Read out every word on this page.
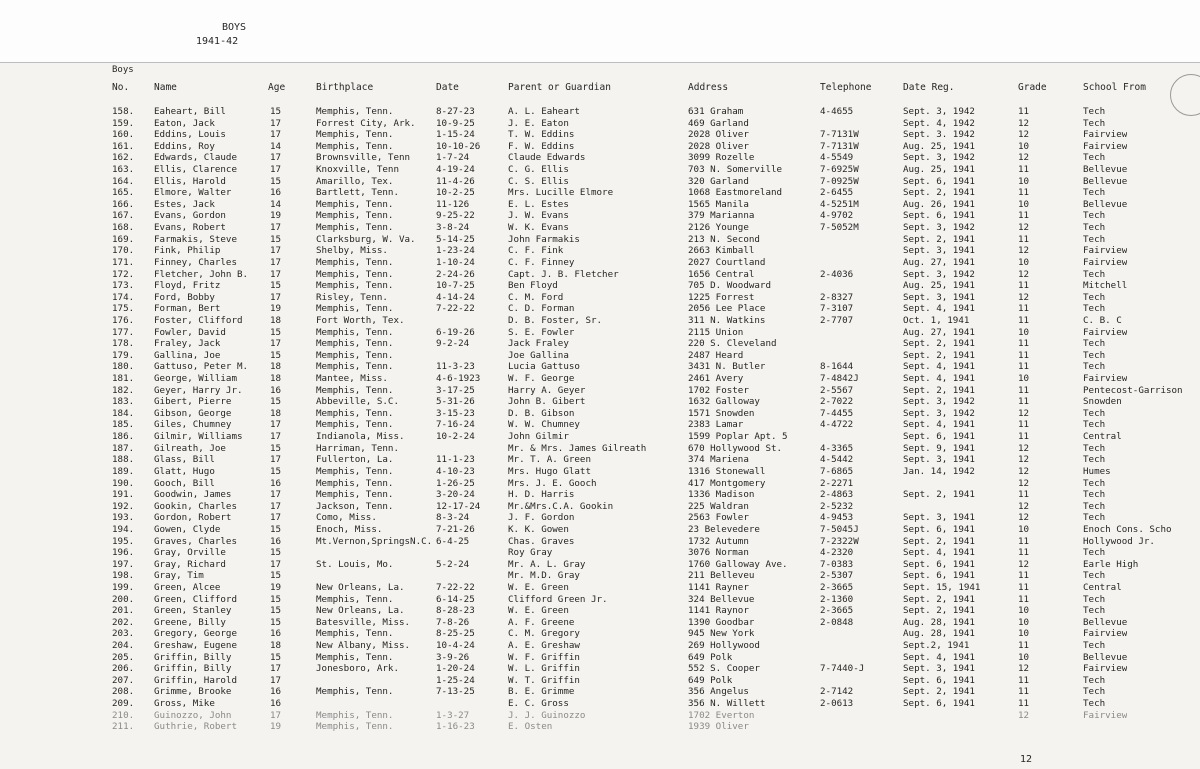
BOYS
1941-42
Boys
No.	Name	Age	Birthplace	Date	Parent or Guardian	Address	Telephone	Date Reg.	Grade	School From
158. Eaheart, Bill	15	Memphis, Tenn.	8-27-23	A. L. Eaheart	631 Graham	4-4655	Sept. 3, 1942	11	Tech
159. Eaton, Jack	17	Forrest City, Ark. 10-9-25	J. E. Eaton	469 Garland	Sept. 4, 1942	12	Tech
160. Eddins, Louis	17	Memphis, Tenn.	1-15-24	T. W. Eddins	2028 Oliver	7-7131W	Sept. 3. 1942	12	Fairview
161. Eddins, Roy	14	Memphis, Tenn.	10-10-26	F. W. Eddins	2028 Oliver	7-7131W	Aug. 25, 1941	10	Fairview
162. Edwards, Claude	17	Brownsville, Tenn	1-7-24	Claude Edwards	3099 Rozelle	4-5549	Sept. 3, 1942	12	Tech
163. Ellis, Clarence	17	Knoxville, Tenn	4-19-24	C. G. Ellis	703 N. Somerville	7-6925W	Aug. 25, 1941	11	Bellevue
164. Ellis, Harold	15	Amarillo, Tex.	11-4-26	C. S. Ellis	320 Garland	7-0925W	Sept. 6, 1941	10	Bellevue
165. Elmore, Walter	16	Bartlett, Tenn.	10-2-25	Mrs. Lucille Elmore	1068 Eastmoreland	2-6455	Sept. 2, 1941	11	Tech
166. Estes, Jack	14	Memphis, Tenn.	11-126	E. L. Estes	1565 Manila	4-5251M	Aug. 26, 1941	10	Bellevue
167. Evans, Gordon	19	Memphis, Tenn.	9-25-22	J. W. Evans	379 Marianna	4-9702	Sept. 6, 1941	11	Tech
168. Evans, Robert	17	Memphis, Tenn.	3-8-24	W. K. Evans	2126 Younge	7-5052M	Sept. 3, 1942	12	Tech
169. Farmakis, Steve	15	Clarksburg, W. Va. 5-14-25	John Farmakis	213 N. Second	Sept. 2, 1941	11	Tech
170. Fink, Philip	17	Shelby, Miss.	1-23-24	C. F. Fink	2663 Kimball	Sept. 3, 1941	12	Fairview
171. Finney, Charles	17	Memphis, Tenn.	1-10-24	C. F. Finney	2027 Courtland	Aug. 27, 1941	10	Fairview
172. Fletcher, John B. 17	Memphis, Tenn.	2-24-26	Capt. J. B. Fletcher	1656 Central	2-4036	Sept. 3, 1942	12	Tech
173. Floyd, Fritz	15	Memphis, Tenn.	10-7-25	Ben Floyd	705 D. Woodward	Aug. 25, 1941	11	Mitchell
174. Ford, Bobby	17	Risley, Tenn.	4-14-24	C. M. Ford	1225 Forrest	2-8327	Sept. 3, 1941	12	Tech
175. Forman, Bert	19	Memphis, Tenn.	7-22-22	C. D. Forman	2056 Lee Place	7-3107	Sept. 4, 1941	11	Tech
176. Foster, Clifford	18	Fort Worth, Tex.	D. B. Foster, Sr.	311 N. Watkins	2-7707	Oct. 1, 1941	11	C. B. C
177. Fowler, David	15	Memphis, Tenn.	6-19-26	S. E. Fowler	2115 Union	Aug. 27, 1941	10	Fairview
178. Fraley, Jack	17	Memphis, Tenn.	9-2-24	Jack Fraley	220 S. Cleveland	Sept. 2, 1941	11	Tech
179. Gallina, Joe	15	Memphis, Tenn.	Joe Gallina	2487 Heard	Sept. 2, 1941	11	Tech
180. Gattuso, Peter M. 18	Memphis, Tenn.	11-3-23	Lucia Gattuso	3431 N. Butler	8-1644	Sept. 4, 1941	11	Tech
181. George, William	18	Mantee, Miss.	4-6-1923	W. F. George	2461 Avery	7-4842J	Sept. 4, 1941	10	Fairview
182. Geyer, Harry Jr.	16	Memphis, Tenn.	3-17-25	Harry A. Geyer	1702 Foster	2-5567	Sept. 2, 1941	11	Pentecost-Garrison
183. Gibert, Pierre	15	Abbeville, S.C.	5-31-26	John B. Gibert	1632 Galloway	2-7022	Sept. 3, 1942	11	Snowden
184. Gibson, George	18	Memphis, Tenn.	3-15-23	D. B. Gibson	1571 Snowden	7-4455	Sept. 3, 1942	12	Tech
185. Giles, Chumney	17	Memphis, Tenn.	7-16-24	W. W. Chumney	2383 Lamar	4-4722	Sept. 4, 1941	11	Tech
186. Gilmir, Williams	17	Indianola, Miss.	10-2-24	John Gilmir	1599 Poplar Apt. 5	Sept. 6, 1941	11	Central
187. Gilreath, Joe	15	Harriman, Tenn.	Mr. & Mrs. James Gilreath	670 Hollywood St.	4-3365	Sept. 9, 1941	12	Tech
188. Glass, Bill	17	Fullerton, La.	11-1-23	Mr. T. A. Green	374 Mariena	4-5442	Sept. 3, 1941	12	Tech
189. Glatt, Hugo	15	Memphis, Tenn.	4-10-23	Mrs. Hugo Glatt	1316 Stonewall	7-6865	Jan. 14, 1942	12	Humes
190. Gooch, Bill	16	Memphis, Tenn.	1-26-25	Mrs. J. E. Gooch	417 Montgomery	2-2271	12	Tech
191. Goodwin, James	17	Memphis, Tenn.	3-20-24	H. D. Harris	1336 Madison	2-4863	Sept. 2, 1941	11	Tech
192. Gookin, Charles	17	Jackson, Tenn.	12-17-24	Mr.&Mrs.C.A. Gookin	225 Waldran	2-5232	12	Tech
193. Gordon, Robert	17	Como, Miss.	8-3-24	J. F. Gordon	2563 Fowler	4-9453	Sept. 3, 1941	12	Tech
194. Gowen, Clyde	15	Enoch, Miss.	7-21-26	K. K. Gowen	23 Belevedere	7-5045J	Sept. 6, 1941	10	Enoch Cons. Scho
195. Graves, Charles	16	Mt.Vernon,SpringsN.C. 6-4-25	Chas. Graves	1732 Autumn	7-2322W	Sept. 2, 1941	11	Hollywood Jr.
196. Gray, Orville	15	Roy Gray	3076 Norman	4-2320	Sept. 4, 1941	11	Tech
197. Gray, Richard	17	St. Louis, Mo.	5-2-24	Mr. A. L. Gray	1760 Galloway Ave.	7-0383	Sept. 6, 1941	12	Earle High
198. Gray, Tim	15	Mr. M.D. Gray	211 Belleveu	2-5307	Sept. 6, 1941	11	Tech
199. Green, Alcee	19	New Orleans, La.	7-22-22	W. E. Green	1141 Rayner	2-3665	Sept. 15, 1941	11	Central
200. Green, Clifford	15	Memphis, Tenn.	6-14-25	Clifford Green Jr.	324 Bellevue	2-1360	Sept. 2, 1941	11	Tech
201. Green, Stanley	15	New Orleans, La.	8-28-23	W. E. Green	1141 Raynor	2-3665	Sept. 2, 1941	10	Tech
202. Greene, Billy	15	Batesville, Miss.	7-8-26	A. F. Greene	1390 Goodbar	2-0848	Aug. 28, 1941	10	Bellevue
203. Gregory, George	16	Memphis, Tenn.	8-25-25	C. M. Gregory	945 New York	Aug. 28, 1941	10	Fairview
204. Greshaw, Eugene	18	New Albany, Miss.	10-4-24	A. E. Greshaw	269 Hollywood	Sept.2, 1941	11	Tech
205. Griffin, Billy	15	Memphis, Tenn.	3-9-26	W. F. Griffin	649 Polk	Sept. 4, 1941	10	Bellevue
206. Griffin, Billy	17	Jonesboro, Ark.	1-20-24	W. L. Griffin	552 S. Cooper	7-7440-J	Sept. 3, 1941	12	Fairview
207. Griffin, Harold	17	1-25-24	W. T. Griffin	649 Polk	Sept. 6, 1941	11	Tech
208. Grimme, Brooke	16	Memphis, Tenn.	7-13-25	B. E. Grimme	356 Angelus	2-7142	Sept. 2, 1941	11	Tech
209. Gross, Mike	16	E. C. Gross	356 N. Willett	2-0613	Sept. 6, 1941	11	Tech
210. Guinozzo, John	17	Memphis, Tenn.	1-3-27	J. J. Guinozzo	1702 Everton	12	Fairview
211. Guthrie, Robert	19	Memphis, Tenn.	1-16-23	E. Osten	1939 Oliver
12
